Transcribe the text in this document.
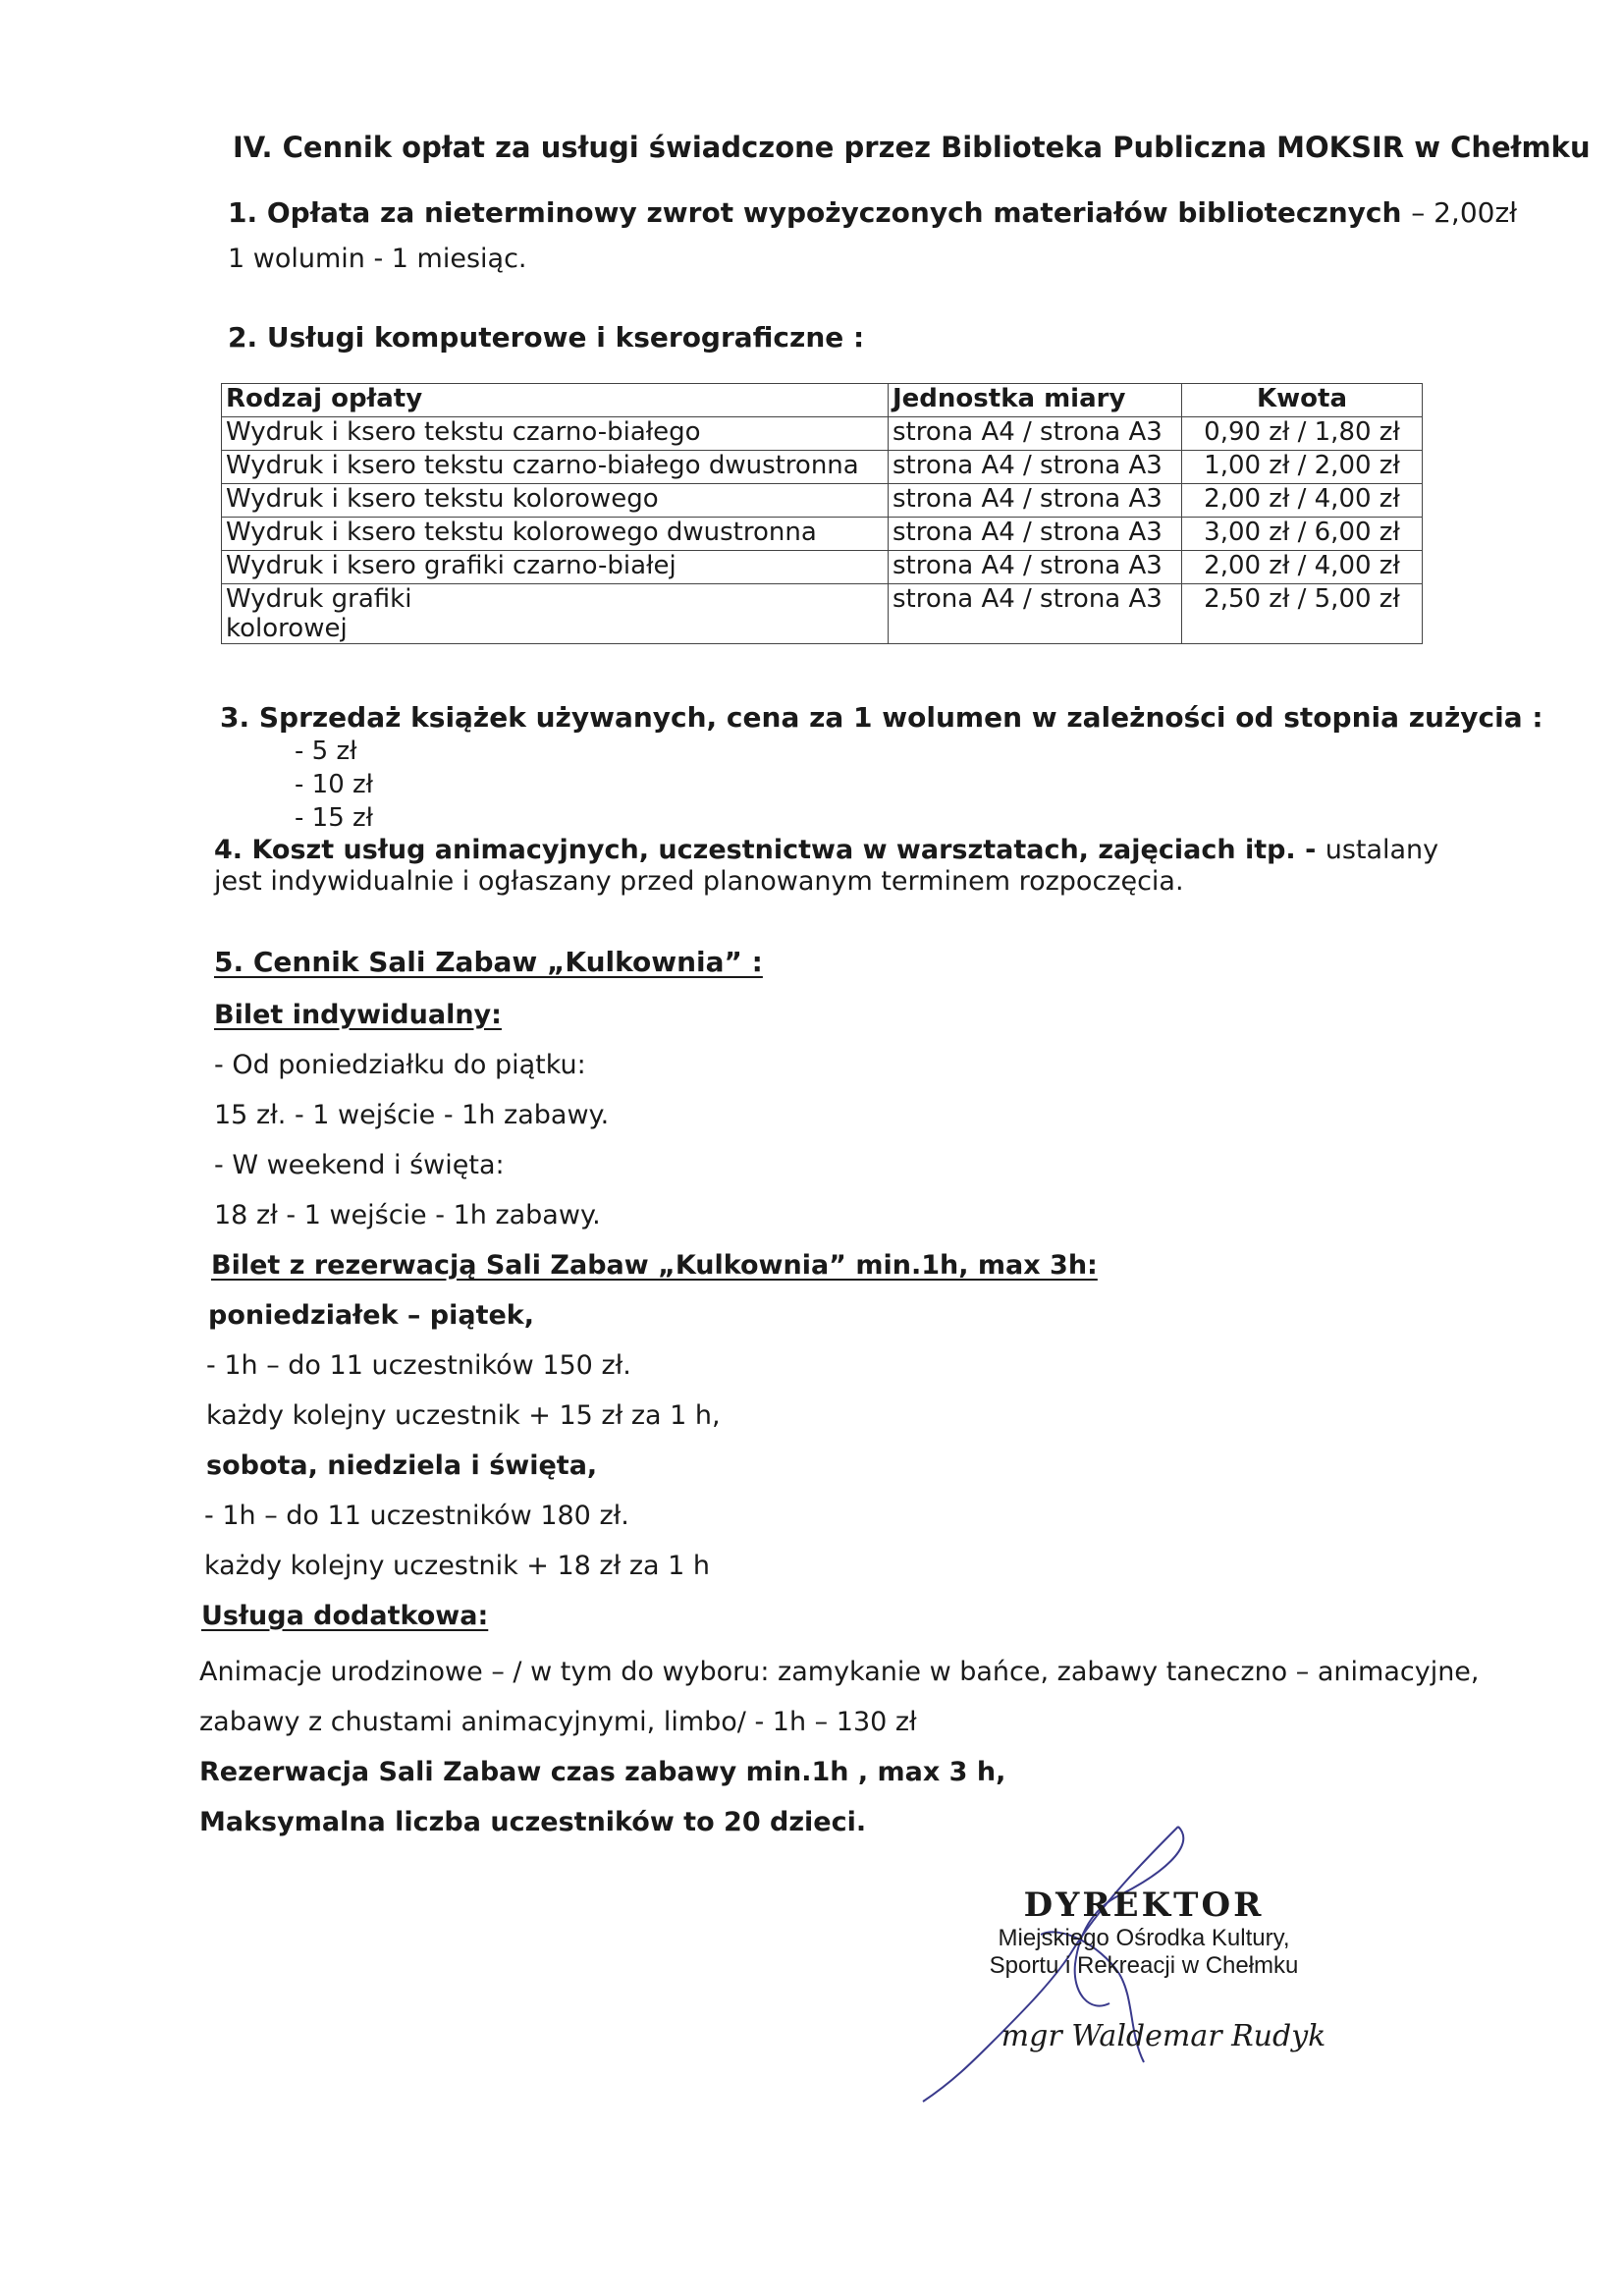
IV. Cennik opłat za usługi świadczone przez Biblioteka Publiczna MOKSIR w Chełmku
1. Opłata za nieterminowy zwrot wypożyczonych materiałów bibliotecznych – 2,00zł
1 wolumin - 1 miesiąc.
2. Usługi komputerowe i kserograficzne :
Rodzaj opłaty	Jednostka miary	Kwota
Wydruk i ksero tekstu czarno-białego	strona A4 / strona A3	0,90 zł / 1,80 zł
Wydruk i ksero tekstu czarno-białego dwustronna	strona A4 / strona A3	1,00 zł / 2,00 zł
Wydruk i ksero tekstu kolorowego	strona A4 / strona A3	2,00 zł / 4,00 zł
Wydruk i ksero tekstu kolorowego dwustronna	strona A4 / strona A3	3,00 zł / 6,00 zł
Wydruk i ksero grafiki czarno-białej	strona A4 / strona A3	2,00 zł / 4,00 zł
Wydruk grafiki kolorowej	strona A4 / strona A3	2,50 zł / 5,00 zł
3. Sprzedaż książek używanych, cena za 1 wolumen w zależności od stopnia zużycia :
- 5 zł
- 10 zł
- 15 zł
4. Koszt usług animacyjnych, uczestnictwa w warsztatach, zajęciach itp. - ustalany jest indywidualnie i ogłaszany przed planowanym terminem rozpoczęcia.
5. Cennik Sali Zabaw „Kulkownia” :
Bilet indywidualny:
- Od poniedziałku do piątku:
15 zł. - 1 wejście - 1h zabawy.
- W weekend i święta:
18 zł - 1 wejście - 1h zabawy.
Bilet z rezerwacją Sali Zabaw „Kulkownia” min.1h, max 3h:
poniedziałek – piątek,
- 1h – do 11 uczestników 150 zł.
każdy kolejny uczestnik + 15 zł za 1 h,
sobota, niedziela i święta,
- 1h – do 11 uczestników 180 zł.
każdy kolejny uczestnik + 18 zł za 1 h
Usługa dodatkowa:
Animacje urodzinowe – / w tym do wyboru: zamykanie w bańce, zabawy taneczno – animacyjne,
zabawy z chustami animacyjnymi, limbo/ - 1h – 130 zł
Rezerwacja Sali Zabaw czas zabawy min.1h , max 3 h,
Maksymalna liczba uczestników to 20 dzieci.
DYREKTOR
Miejskiego Ośrodka Kultury,
Sportu i Rekreacji w Chełmku
mgr Waldemar Rudyk
